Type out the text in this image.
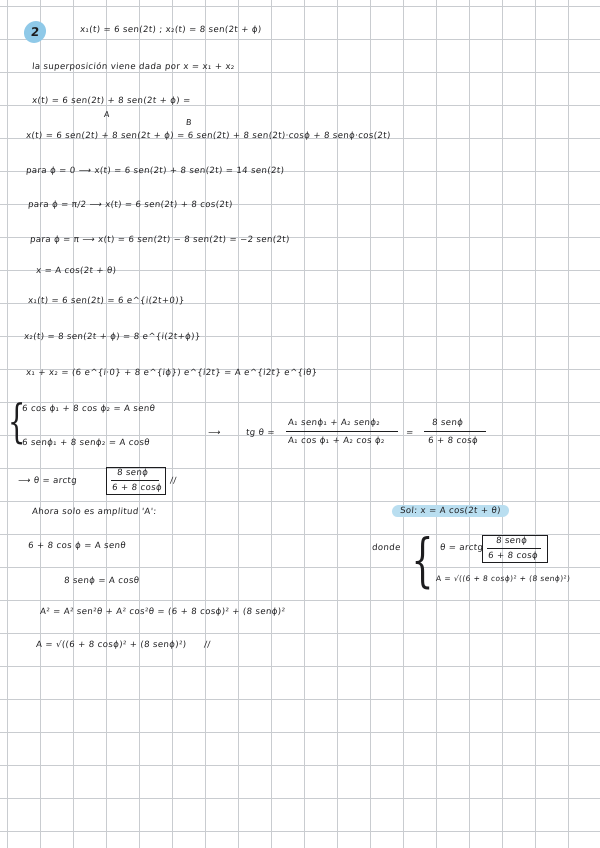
2	x₁(t) = 6 sen(2t) ; x₂(t) = 8 sen(2t + ϕ)
la superposición viene dada por x = x₁ + x₂
x(t) = 6 sen(2t) + 8 sen(2t + ϕ) =
A
B
x(t) = 6 sen(2t) + 8 sen(2t + ϕ) = 6 sen(2t) + 8 sen(2t)·cosϕ + 8 senϕ·cos(2t)
para ϕ = 0 ⟶ x(t) = 6 sen(2t) + 8 sen(2t) = 14 sen(2t)
para ϕ = π/2 ⟶ x(t) = 6 sen(2t) + 8 cos(2t)
para ϕ = π ⟶ x(t) = 6 sen(2t) − 8 sen(2t) = −2 sen(2t)
x = A cos(2t + θ)
x₁(t) = 6 sen(2t) = 6 e^{i(2t+0)}
x₂(t) = 8 sen(2t + ϕ) = 8 e^{i(2t+ϕ)}
x₁ + x₂ = (6 e^{i·0} + 8 e^{iϕ}) e^{i2t} = A e^{i2t} e^{iθ}
{
6 cos ϕ₁ + 8 cos ϕ₂ = A senθ
6 senϕ₁ + 8 senϕ₂ = A cosθ
⟶	tg θ =
A₁ senϕ₁ + A₂ senϕ₂
A₁ cos ϕ₁ + A₂ cos ϕ₂
=
8 senϕ
6 + 8 cosϕ
⟶ θ = arctg
8 senϕ
6 + 8 cosϕ
//
Ahora solo es amplitud 'A':	Sol: x = A cos(2t + θ)
6 + 8 cos ϕ = A senθ	donde { θ = arctg
8 senϕ
6 + 8 cosϕ
A = √((6 + 8 cosϕ)² + (8 senϕ)²)
8 senϕ = A cosθ
A² = A² sen²θ + A² cos²θ = (6 + 8 cosϕ)² + (8 senϕ)²
A = √((6 + 8 cosϕ)² + (8 senϕ)²) //
